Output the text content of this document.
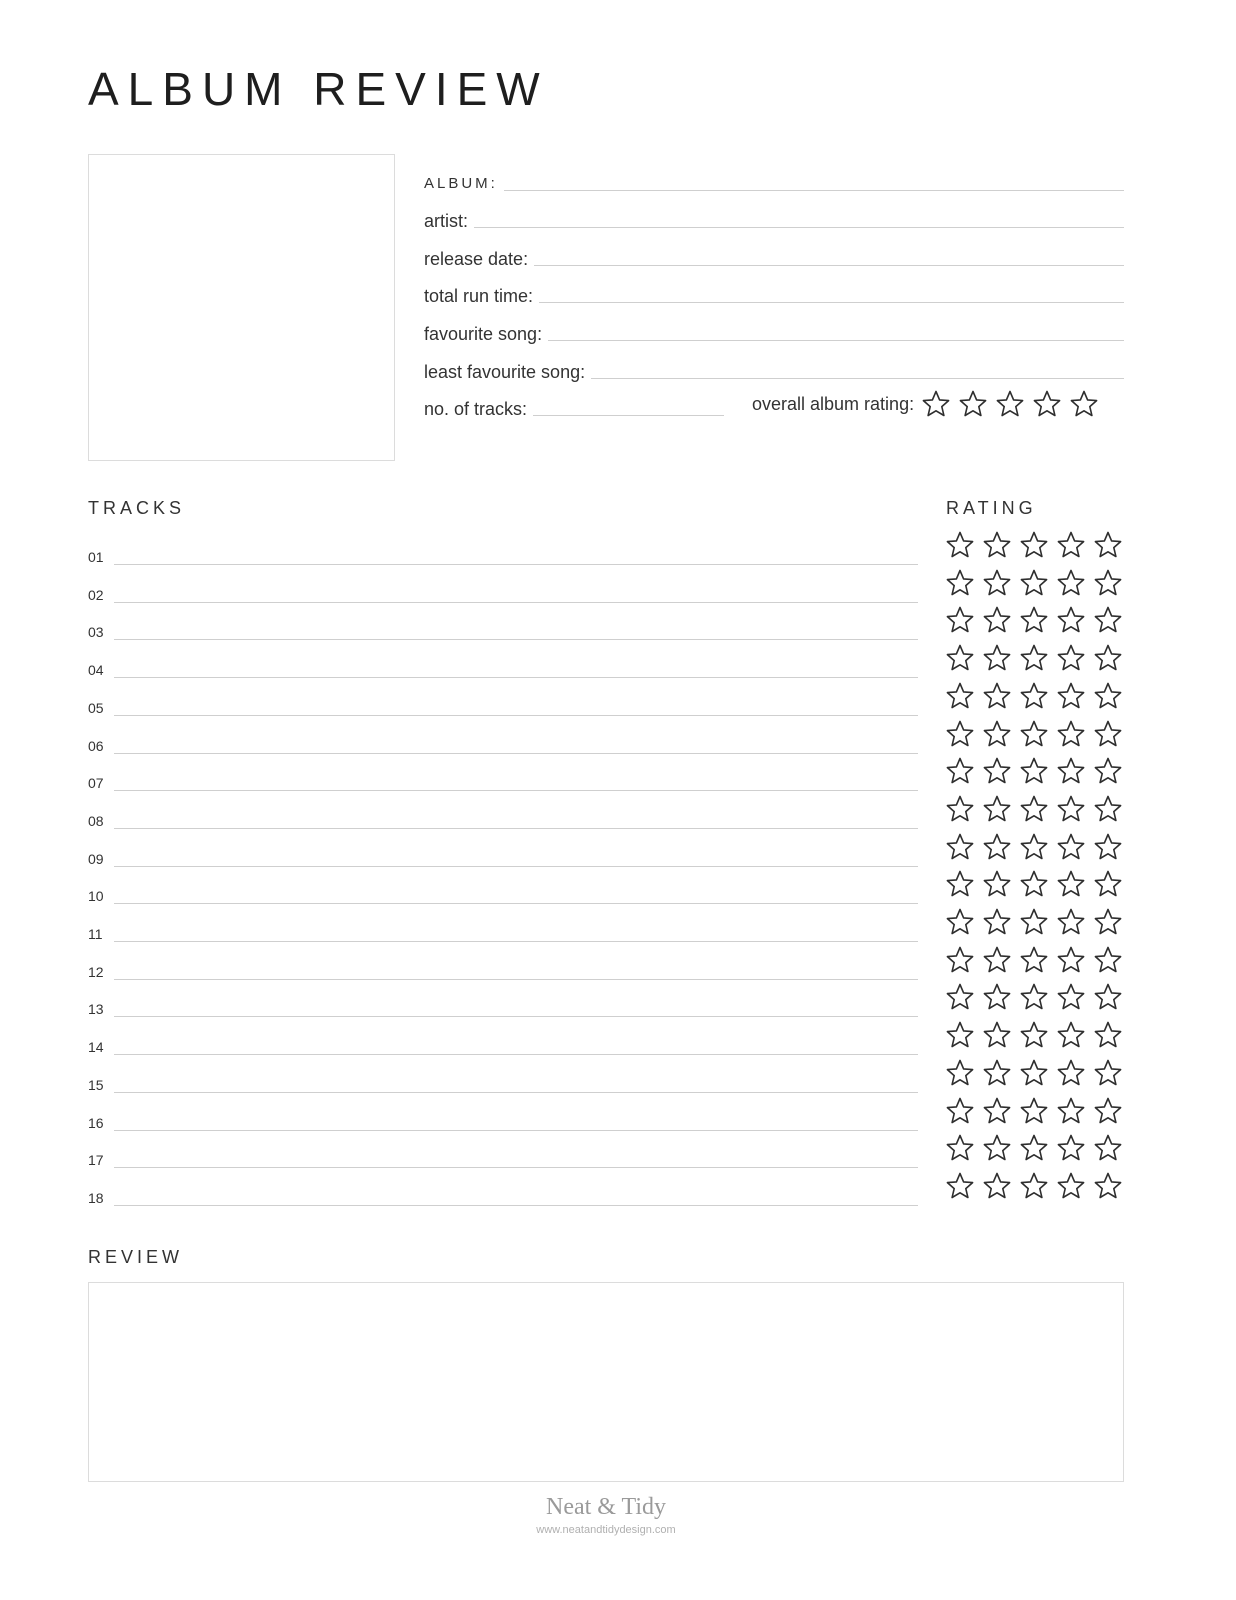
ALBUM REVIEW
ALBUM:
artist:
release date:
total run time:
favourite song:
least favourite song:
no. of tracks:	overall album rating:
TRACKS	RATING
01
02
03
04
05
06
07
08
09
10
11
12
13
14
15
16
17
18
REVIEW
Neat & Tidy
www.neatandtidydesign.com
